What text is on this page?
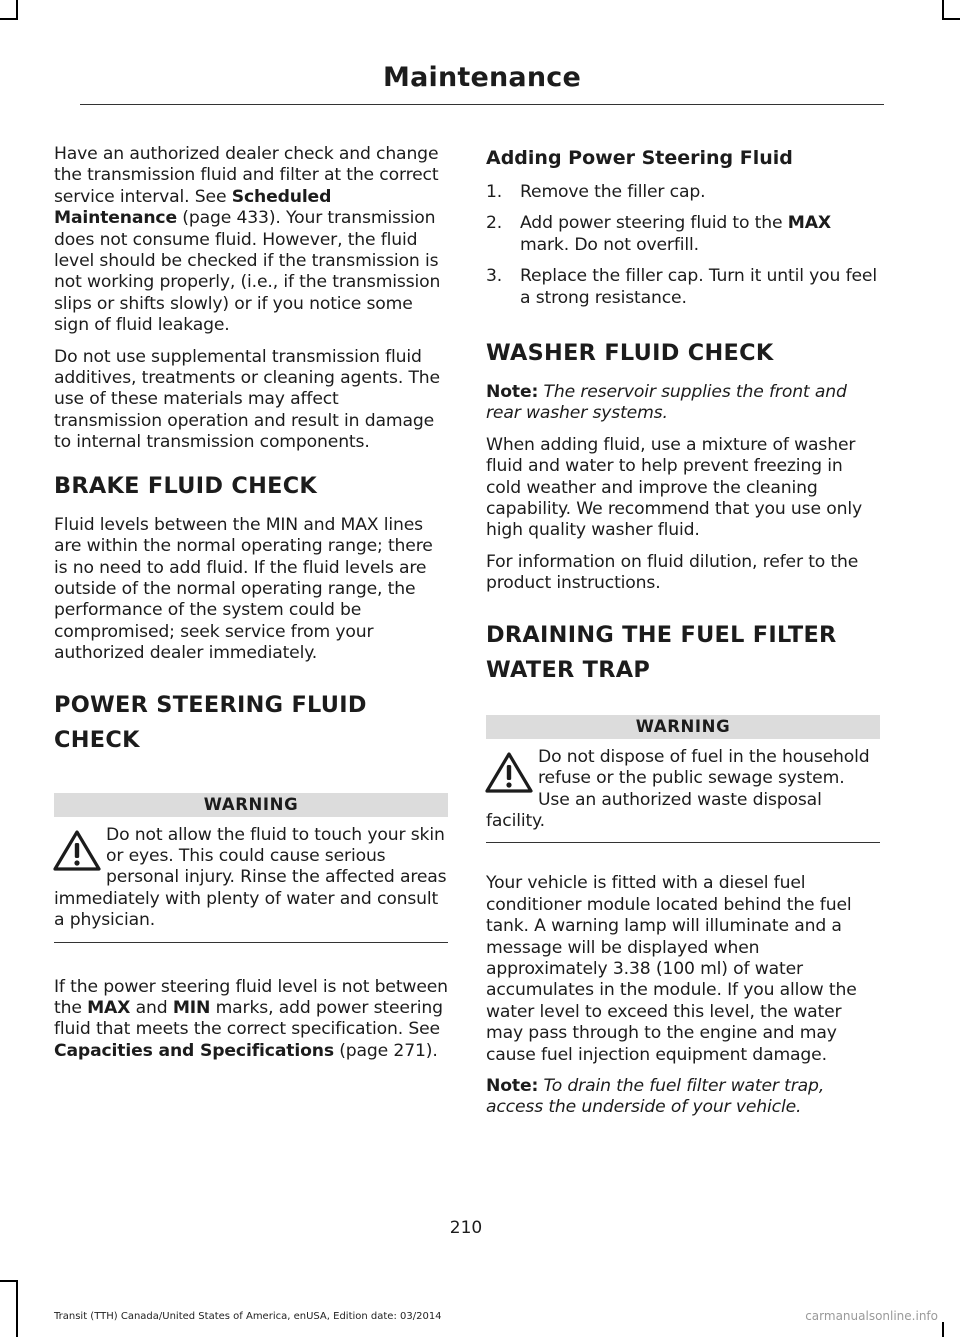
Maintenance

Have an authorized dealer check and change the transmission fluid and filter at the correct service interval. See Scheduled Maintenance (page 433). Your transmission does not consume fluid. However, the fluid level should be checked if the transmission is not working properly, (i.e., if the transmission slips or shifts slowly) or if you notice some sign of fluid leakage.

Do not use supplemental transmission fluid additives, treatments or cleaning agents. The use of these materials may affect transmission operation and result in damage to internal transmission components.

BRAKE FLUID CHECK

Fluid levels between the MIN and MAX lines are within the normal operating range; there is no need to add fluid. If the fluid levels are outside of the normal operating range, the performance of the system could be compromised; seek service from your authorized dealer immediately.

POWER STEERING FLUID
CHECK
WARNING
Do not allow the fluid to touch your skin or eyes. This could cause serious personal injury. Rinse the affected areas immediately with plenty of water and consult a physician.

If the power steering fluid level is not between the MAX and MIN marks, add power steering fluid that meets the correct specification. See Capacities and Specifications (page 271).

Adding Power Steering Fluid
1.	Remove the filler cap.
2.	Add power steering fluid to the MAX mark. Do not overfill.
3.	Replace the filler cap. Turn it until you feel a strong resistance.
WASHER FLUID CHECK

Note: The reservoir supplies the front and rear washer systems.

When adding fluid, use a mixture of washer fluid and water to help prevent freezing in cold weather and improve the cleaning capability. We recommend that you use only high quality washer fluid.

For information on fluid dilution, refer to the product instructions.

DRAINING THE FUEL FILTER
WATER TRAP
WARNING
Do not dispose of fuel in the household refuse or the public sewage system. Use an authorized waste disposal facility.

Your vehicle is fitted with a diesel fuel conditioner module located behind the fuel tank. A warning lamp will illuminate and a message will be displayed when approximately 3.38 (100 ml) of water accumulates in the module. If you allow the water level to exceed this level, the water may pass through to the engine and may cause fuel injection equipment damage.

Note: To drain the fuel filter water trap, access the underside of your vehicle.

210
Transit (TTH) Canada/United States of America, enUSA, Edition date: 03/2014	carmanualsonline.info
